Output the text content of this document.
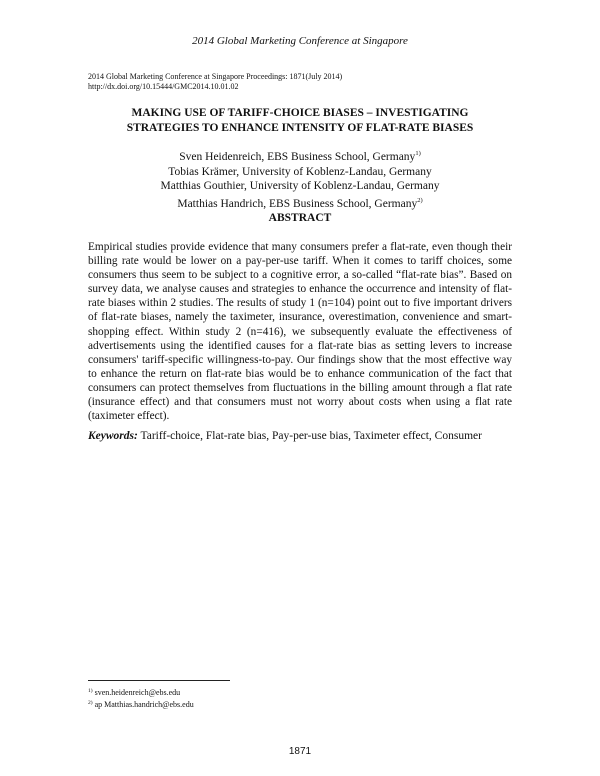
2014 Global Marketing Conference at Singapore
2014 Global Marketing Conference at Singapore Proceedings: 1871(July 2014)
http://dx.doi.org/10.15444/GMC2014.10.01.02
MAKING USE OF TARIFF-CHOICE BIASES – INVESTIGATING
STRATEGIES TO ENHANCE INTENSITY OF FLAT-RATE BIASES
Sven Heidenreich, EBS Business School, Germany$^{1)}$
Tobias Krämer, University of Koblenz-Landau, Germany
Matthias Gouthier, University of Koblenz-Landau, Germany
Matthias Handrich, EBS Business School, Germany$^{2)}$
ABSTRACT
Empirical studies provide evidence that many consumers prefer a flat-rate, even though their billing rate would be lower on a pay-per-use tariff. When it comes to tariff choices, some consumers thus seem to be subject to a cognitive error, a so-called “flat-rate bias”. Based on survey data, we analyse causes and strategies to enhance the occurrence and intensity of flat-rate biases within 2 studies. The results of study 1 (n=104) point out to five important drivers of flat-rate biases, namely the taximeter, insurance, overestimation, convenience and smart-shopping effect. Within study 2 (n=416), we subsequently evaluate the effectiveness of advertisements using the identified causes for a flat-rate bias as setting levers to increase consumers' tariff-specific willingness-to-pay. Our findings show that the most effective way to enhance the return on flat-rate bias would be to enhance communication of the fact that consumers can protect themselves from fluctuations in the billing amount through a flat rate (insurance effect) and that consumers must not worry about costs when using a flat rate (taximeter effect).
Keywords: Tariff-choice, Flat-rate bias, Pay-per-use bias, Taximeter effect, Consumer
$^{1)}$ sven.heidenreich@ebs.edu
$^{2)}$ ap Matthias.handrich@ebs.edu
1871
